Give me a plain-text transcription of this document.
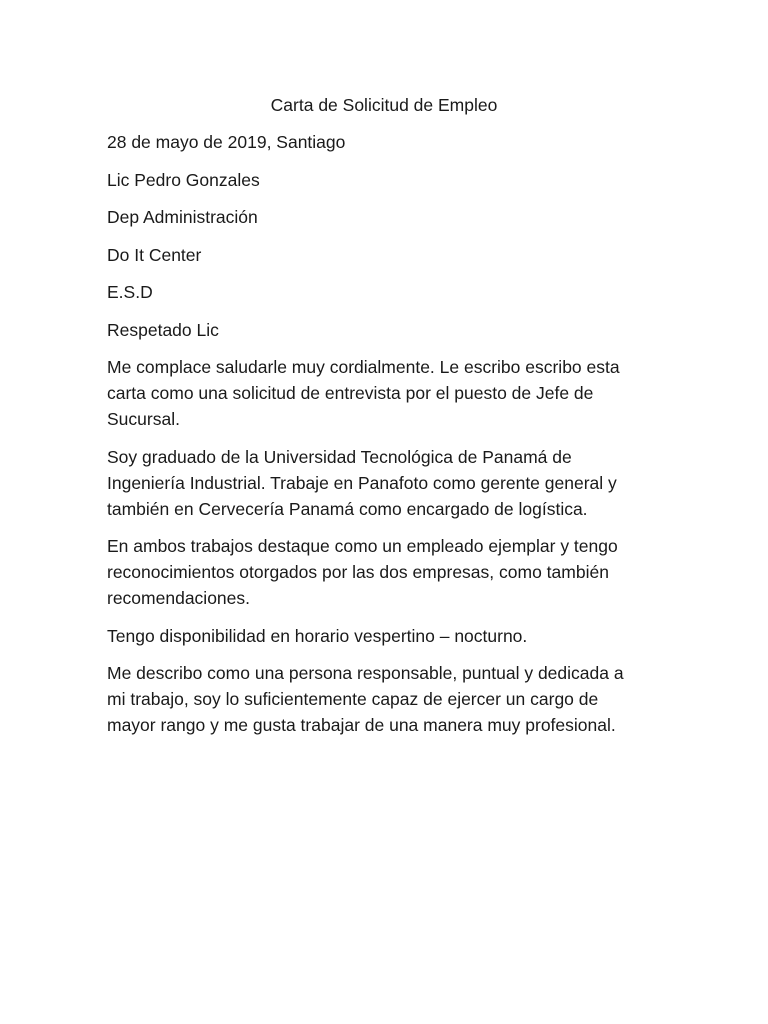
Carta de Solicitud de Empleo

28 de mayo de 2019, Santiago

Lic Pedro Gonzales

Dep Administración

Do It Center

E.S.D

Respetado Lic

Me complace saludarle muy cordialmente. Le escribo escribo esta
carta como una solicitud de entrevista por el puesto de Jefe de
Sucursal.

Soy graduado de la Universidad Tecnológica de Panamá de
Ingeniería Industrial. Trabaje en Panafoto como gerente general y
también en Cervecería Panamá como encargado de logística.

En ambos trabajos destaque como un empleado ejemplar y tengo
reconocimientos otorgados por las dos empresas, como también
recomendaciones.

Tengo disponibilidad en horario vespertino – nocturno.

Me describo como una persona responsable, puntual y dedicada a
mi trabajo, soy lo suficientemente capaz de ejercer un cargo de
mayor rango y me gusta trabajar de una manera muy profesional.
